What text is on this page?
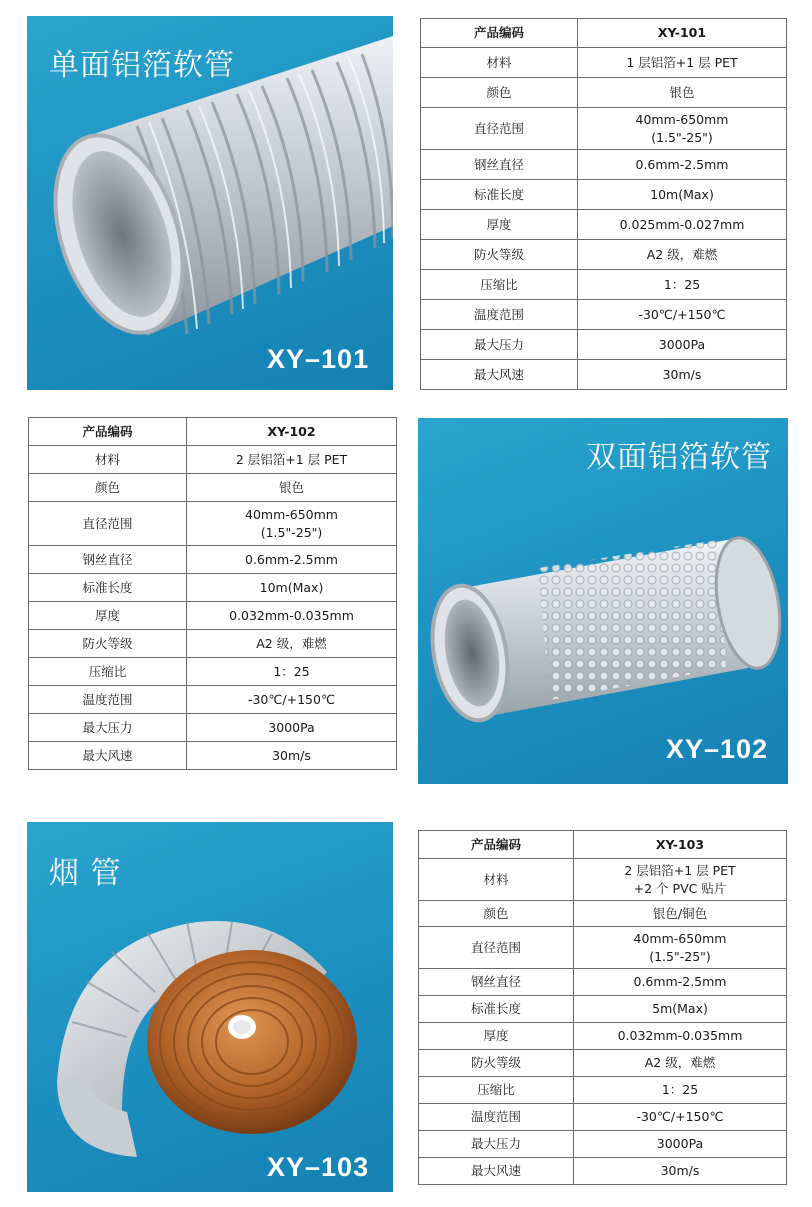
单面铝箔软管
XY–101
产品编码	XY-101
材料	1 层铝箔+1 层 PET
颜色	银色
直径范围	40mm-650mm
(1.5"-25")
钢丝直径	0.6mm-2.5mm
标准长度	10m(Max)
厚度	0.025mm-0.027mm
防火等级	A2 级，难燃
压缩比	1：25
温度范围	-30℃/+150℃
最大压力	3000Pa
最大风速	30m/s
产品编码	XY-102
材料	2 层铝箔+1 层 PET
颜色	银色
直径范围	40mm-650mm
(1.5"-25")
钢丝直径	0.6mm-2.5mm
标准长度	10m(Max)
厚度	0.032mm-0.035mm
防火等级	A2 级，难燃
压缩比	1：25
温度范围	-30℃/+150℃
最大压力	3000Pa
最大风速	30m/s
双面铝箔软管
XY–102
烟 管
XY–103
产品编码	XY-103
材料	2 层铝箔+1 层 PET
+2 个 PVC 贴片
颜色	银色/铜色
直径范围	40mm-650mm
(1.5"-25")
钢丝直径	0.6mm-2.5mm
标准长度	5m(Max)
厚度	0.032mm-0.035mm
防火等级	A2 级，难燃
压缩比	1：25
温度范围	-30℃/+150℃
最大压力	3000Pa
最大风速	30m/s
